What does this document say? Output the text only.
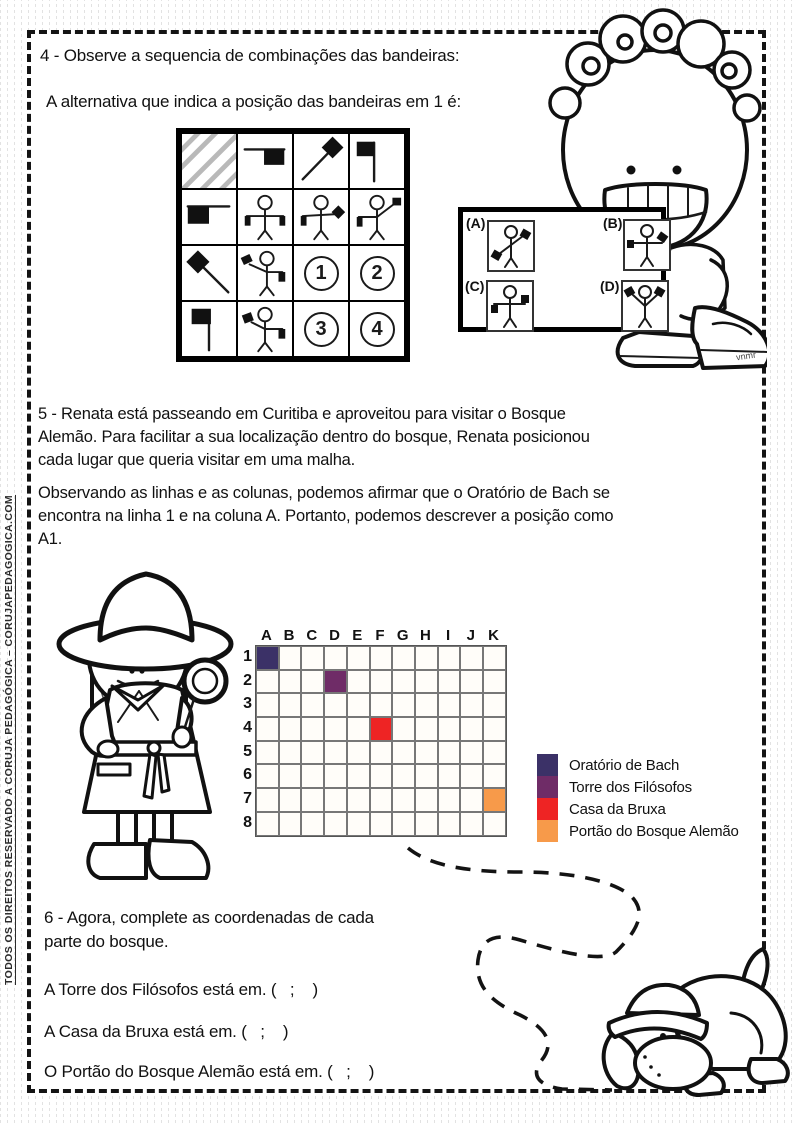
TODOS OS DIREITOS RESERVADO A CORUJA PEDAGÓGICA – CORUJAPEDAGOGICA.COM
4 - Observe a sequencia de combinações das bandeiras:
A alternativa que indica a posição das bandeiras em 1 é:
1	2
3	4
vnmr
(A)	(B)
(C)	(D)
5 - Renata está passeando em Curitiba e aproveitou para visitar o Bosque
Alemão. Para facilitar a sua localização dentro do bosque, Renata posicionou
cada lugar que queria visitar em uma malha.
Observando as linhas e as colunas, podemos afirmar que o Oratório de Bach se
encontra na linha 1 e na coluna A. Portanto, podemos descrever a posição como
A1.
A B C D E F G H	I	J K
1
2
3
4
5
6
7
8
Oratório de Bach
Torre dos Filósofos
Casa da Bruxa
Portão do Bosque Alemão
6 - Agora, complete as coordenadas de cada
parte do bosque.
A Torre dos Filósofos está em. (   ;    )
A Casa da Bruxa está em. (   ;    )
O Portão do Bosque Alemão está em. (   ;    )
